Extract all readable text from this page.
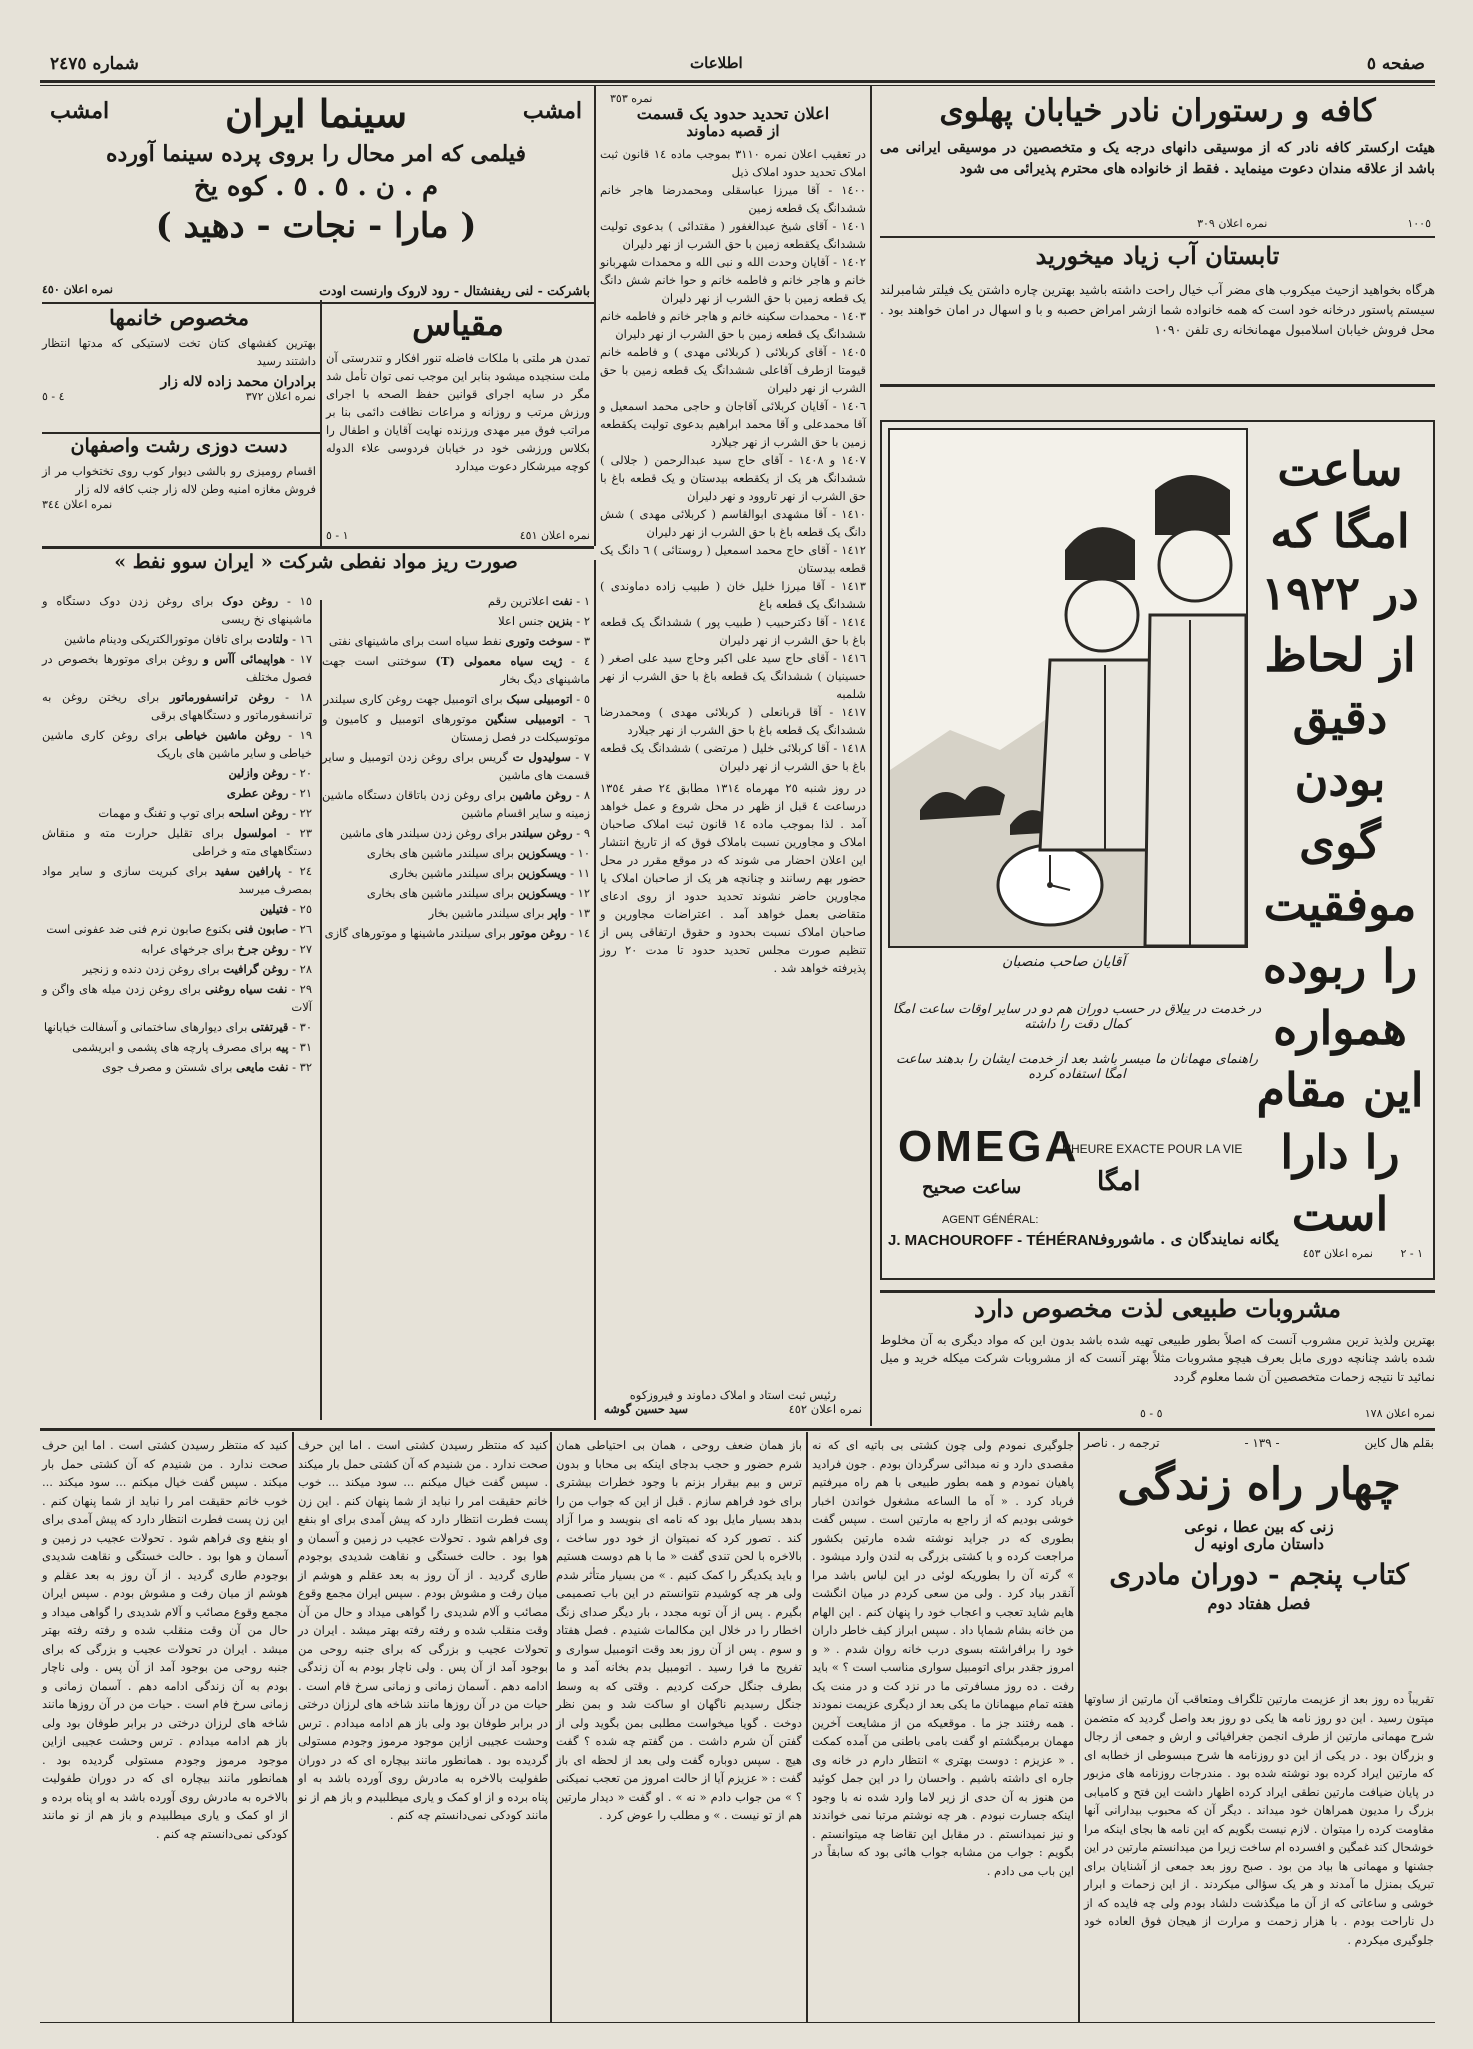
صفحه ٥
اطلاعات
شماره ٢٤٧٥
کافه و رستوران نادر خیابان پهلوی
هیئت ارکستر کافه نادر که از موسیقی دانهای درجه یک و متخصصین در موسیقی ایرانی می باشد از علاقه مندان دعوت مینماید . فقط از خانواده های محترم پذیرائی می شود
نمره اعلان ٣٠٩	١٠٠٥
تابستان آب زیاد میخورید
هرگاه بخواهید ازحیث میکروب های مضر آب خیال راحت داشته باشید بهترین چاره داشتن یک فیلتر شامبرلند سیستم پاستور درخانه خود است که همه خانواده شما ازشر امراض حصبه و با و اسهال در امان خواهند بود . محل فروش خیابان اسلامبول مهمانخانه ری تلفن ١٠٩٠
آقایان صاحب منصبان
ساعت امگا که در ١٩٢٢ از لحاظ دقیق بودن گوی موفقیت را ربوده همواره این مقام را دارا است
در خدمت در ییلاق در حسب دوران هم دو در سایر اوقات ساعت امگا کمال دقت را داشته
راهنمای مهمانان ما میسر باشد بعد از خدمت ایشان را بدهند ساعت امگا استفاده کرده
OMEGA
L'HEURE EXACTE POUR LA VIE
امگا
ساعت صحیح
AGENT GÉNÉRAL:
J. MACHOUROFF - TÉHÉRAN
یگانه نمایندگان ی . ماشوروف
نمره اعلان ٤٥٣ ١ - ٢
مشروبات طبیعی لذت مخصوص دارد
بهترین ولذیذ ترین مشروب آنست که اصلاً بطور طبیعی تهیه شده باشد بدون این که مواد دیگری به آن مخلوط شده باشد چنانچه دوری مابل بعرف هیچو مشروبات مثلاً بهتر آنست که از مشروبات شرکت میکله خرید و میل نمائید تا نتیجه زحمات متخصصین آن شما معلوم گردد
نمره اعلان ١٧٨
٥ - ٥
نمره ٣٥٣
اعلان تحدید حدود یک قسمت
از قصبه دماوند
در تعقیب اعلان نمره ٣١١٠ بموجب ماده ١٤ قانون ثبت املاک تحدید حدود املاک ذیل
١٤٠٠ - آقا میرزا عباسقلی ومحمدرضا هاجر خانم ششدانگ یک قطعه زمین
١٤٠١ - آقای شیخ عبدالغفور ( مقتدائی ) بدعوی تولیت ششدانگ یکقطعه زمین با حق الشرب از نهر دلیران
١٤٠٢ - آقایان وحدت الله و نبی الله و محمدات شهربانو خانم و هاجر خانم و فاطمه خانم و حوا خانم شش دانگ یک قطعه زمین با حق الشرب از نهر دلیران
١٤٠٣ - محمدات سکینه خانم و هاجر خانم و فاطمه خانم ششدانگ یک قطعه زمین با حق الشرب از نهر دلیران
١٤٠٥ - آقای کربلائی ( کربلائی مهدی ) و فاطمه خانم قیومتا ازطرف آقاعلی ششدانگ یک قطعه زمین با حق الشرب از نهر دلیران
١٤٠٦ - آقایان کربلائی آقاجان و حاجی محمد اسمعیل و آقا محمدعلی و آقا محمد ابراهیم بدعوی تولیت یکقطعه زمین با حق الشرب از نهر جیلارد
١٤٠٧ و ١٤٠٨ - آقای حاج سید عبدالرحمن ( جلالی ) ششدانگ هر یک از یکقطعه بیدستان و یک قطعه باغ با حق الشرب از نهر تاروود و نهر دلیران
١٤١٠ - آقا مشهدی ابوالقاسم ( کربلائی مهدی ) شش دانگ یک قطعه باغ با حق الشرب از نهر دلیران
١٤١٢ - آقای حاج محمد اسمعیل ( روستائی ) ٦ دانگ یک قطعه بیدستان
١٤١٣ - آقا میرزا خلیل خان ( طبیب زاده دماوندی ) ششدانگ یک قطعه باغ
١٤١٤ - آقا دکترحبیب ( طبیب پور ) ششدانگ یک قطعه باغ با حق الشرب از نهر دلیران
١٤١٦ - آقای حاج سید علی اکبر وحاج سید علی اصغر ( حسینیان ) ششدانگ یک قطعه باغ با حق الشرب از نهر شلمبه
١٤١٧ - آقا قربانعلی ( کربلائی مهدی ) ومحمدرضا ششدانگ یک قطعه باغ با حق الشرب از نهر جیلارد
١٤١٨ - آقا کربلائی خلیل ( مرتضی ) ششدانگ یک قطعه باغ با حق الشرب از نهر دلیران
در روز شنبه ٢٥ مهرماه ١٣١٤ مطابق ٢٤ صفر ١٣٥٤ درساعت ٤ قبل از ظهر در محل شروع و عمل خواهد آمد . لذا بموجب ماده ١٤ قانون ثبت املاک صاحبان املاک و مجاورین نسبت باملاک فوق که از تاریخ انتشار این اعلان احضار می شوند که در موقع مقرر در محل حضور بهم رسانند و چنانچه هر یک از صاحبان املاک یا مجاورین حاضر نشوند تحدید حدود از روی ادعای متقاضی بعمل خواهد آمد . اعتراضات مجاورین و صاحبان املاک نسبت بحدود و حقوق ارتفاقی پس از تنظیم صورت مجلس تحدید حدود تا مدت ٢٠ روز پذیرفته خواهد شد .
رئیس ثبت استاد و املاک دماوند و فیروزکوه
نمره اعلان ٤٥٢
سید حسین گوشه
امشب
امشب	سینما ایران
فیلمی که امر محال را بروی پرده سینما آورده
م . ن . ٥ . ٥ . کوه یخ
( مارا - نجات - دهید )
باشرکت - لنی ریفنشتال - رود لاروک وارنست اودت
نمره اعلان ٤٥٠
مخصوص خانمها
بهترین کفشهای کتان تخت لاستیکی که مدتها انتظار داشتند رسید
برادران محمد زاده لاله زار
نمره اعلان ٣٧٢
٤ - ٥
دست دوزی رشت واصفهان
اقسام رومیزی رو بالشی دیوار کوب روی تختخواب مر از فروش مغازه امنیه وطن لاله زار جنب کافه لاله زار
نمره اعلان ٣٤٤
مقیاس
تمدن هر ملتی با ملکات فاضله تنور افکار و تندرستی آن ملت سنجیده میشود بنابر این موجب نمی توان تأمل شد مگر در سایه اجرای قوانین حفظ الصحه با اجرای ورزش مرتب و روزانه و مراعات نظافت دائمی بنا بر مراتب فوق میر مهدی ورزنده نهایت آقایان و اطفال را بکلاس ورزشی خود در خیابان فردوسی علاء الدوله کوچه میرشکار دعوت میدارد
نمره اعلان ٤٥١
١ - ٥
صورت ریز مواد نفطی شرکت « ایران سوو نفط »
١ - نفت اعلاترین رقم
٢ - بنزین جنس اعلا
٣ - سوخت وتوری نفط سیاه است برای ماشینهای نفتی
٤ - ژیت سیاه معمولی (T) سوختنی است جهت ماشینهای دیگ بخار
٥ - اتومبیلی سبک برای اتومبیل جهت روغن کاری سیلندر
٦ - اتومبیلی سنگین موتورهای اتومبیل و کامیون و موتوسیکلت در فصل زمستان
٧ - سولیدول ت گریس برای روغن زدن اتومبیل و سایر قسمت های ماشین
٨ - روغن ماشین برای روغن زدن باتاقان دستگاه ماشین زمینه و سایر اقسام ماشین
٩ - روغن سیلندر برای روغن زدن سیلندر های ماشین
١٠ - ویسکوزین برای سیلندر ماشین های بخاری
١١ - ویسکوزین برای سیلندر ماشین بخاری
١٢ - ویسکوزین برای سیلندر ماشین های بخاری
١٣ - واپر برای سیلندر ماشین بخار
١٤ - روغن موتور برای سیلندر ماشینها و موتورهای گازی
١٥ - روغن دوک برای روغن زدن دوک دستگاه و ماشینهای نخ ریسی
١٦ - ولتادت برای تافان موتورالکتریکی ودینام ماشین
١٧ - هواپیمائی آآس و روغن برای موتورها بخصوص در فصول مختلف
١٨ - روغن ترانسفورماتور برای ریختن روغن به ترانسفورماتور و دستگاههای برقی
١٩ - روغن ماشین خیاطی برای روغن کاری ماشین خیاطی و سایر ماشین های باریک
٢٠ - روغن وازلین
٢١ - روغن عطری
٢٢ - روغن اسلحه برای توپ و تفنگ و مهمات
٢٣ - امولسول برای تقلیل حرارت مته و منقاش دستگاههای مته و خراطی
٢٤ - پارافین سفید برای کبریت سازی و سایر مواد بمصرف میرسد
٢٥ - فتیلین
٢٦ - صابون فنی بکنوع صابون نرم فنی ضد عفونی است
٢٧ - روغن جرخ برای جرخهای عرابه
٢٨ - روغن گرافیت برای روغن زدن دنده و زنجیر
٢٩ - نفت سیاه روغنی برای روغن زدن میله های واگن و آلات
٣٠ - قیرتفتی برای دیوارهای ساختمانی و آسفالت خیابانها
٣١ - پیه برای مصرف پارچه های پشمی و ابریشمی
٣٢ - نفت مایعی برای شستن و مصرف جوی
بقلم هال کاین
- ١٣٩ -
ترجمه ر . ناصر
چهار راه زندگی
زنی که بین عطا ، نوعی
داستان ماری اونیه ل
کتاب پنجم - دوران مادری
فصل هفتاد دوم
تقریباً ده روز بعد از عزیمت مارتین تلگراف ومتعاقب آن مارتین از ساوتها مپتون رسید . این دو روز نامه ها یکی دو روز بعد واصل گردید که متضمن شرح مهمانی مارتین از طرف انجمن جغرافیائی و ارش و جمعی از رجال و بزرگان بود . در یکی از این دو روزنامه ها شرح مبسوطی از خطابه ای که مارتین ایراد کرده بود نوشته شده بود . مندرجات روزنامه های مزبور در پایان ضیافت مارتین نطقی ایراد کرده اظهار داشت این فتح و کامیابی بزرگ را مدیون همراهان خود میداند . دیگر آن که محبوب بیدارانی آنها مقاومت کرده را میتوان . لازم نیست بگویم که این نامه ها بجای اینکه مرا خوشحال کند غمگین و افسرده ام ساخت زیرا من میدانستم مارتین در این جشنها و مهمانی ها بیاد من بود . صبح روز بعد جمعی از آشنایان برای تبریک بمنزل ما آمدند و هر یک سؤالی میکردند . از این زحمات و ابرار خوشی و ساعاتی که از آن ما میگذشت دلشاد بودم ولی چه فایده که از دل ناراحت بودم . با هزار زحمت و مرارت از هیجان فوق العاده خود جلوگیری میکردم .
جلوگیری نمودم ولی چون کشتی بی باتیه ای که نه مقصدی دارد و نه مبدائی سرگردان بودم . جون فرادید پاهیان نمودم و همه بطور طبیعی با هم راه میرفتیم فرباد کرد . « آه ما الساعه مشغول خواندن اخبار خوشی بودیم که از راجع به مارتین است . سپس گفت بطوری که در جراید نوشته شده مارتین بکشور مراجعت کرده و با کشتی بزرگی به لندن وارد میشود . » گرته آن را بطوریکه لوئی در این لباس باشد مرا آنقدر بیاد کرد . ولی من سعی کردم در میان انگشت هایم شاید تعجب و اعجاب خود را پنهان کنم . این الهام من خانه بشام شماپا داد . سپس ابراز کیف خاطر داران خود را برافراشته بسوی درب خانه روان شدم . « و امروز جقدر برای اتومبیل سواری مناسب است ؟ » باید رفت . ده روز مسافرتی ما در نزد کت و در منت یک هفته تمام میهمانان ما یکی بعد از دیگری عزیمت نمودند . همه رفتند جز ما . موقعیکه من از مشایعت آخرین مهمان برمیگشتم او گفت بامی باطنی من آمده کمکت . « عزیزم : دوست بهتری » انتظار دارم در خانه وی جاره ای داشته باشیم . واحسان را در این جمل کوئید من هنوز به آن حدی از زیر لاما وارد شده نه با وجود اینکه جسارت نبودم . هر چه نوشتم مرتبا نمی خواندند و نیز نمیدانستم . در مقابل این تقاضا چه میتوانستم . بگویم : جواب من مشابه جواب هائی بود که سابقاً در این باب می دادم .
باز همان ضعف روحی ، همان بی احتیاطی همان شرم حضور و حجب بدجای اینکه بی محابا و بدون ترس و بیم بیقرار بزنم با وجود خطرات بیشتری برای خود فراهم سازم . قبل از این که جواب من را بدهد بسیار مایل بود که نامه ای بنویسد و مرا آزاد کند . تصور کرد که نمیتوان از خود دور ساخت ، بالاخره با لحن تندی گفت « ما با هم دوست هستیم و باید یکدیگر را کمک کنیم . » من بسیار متأثر شدم ولی هر چه کوشیدم نتوانستم در این باب تصمیمی بگیرم . پس از آن توبه مجدد ، بار دیگر صدای زنگ اخطار را در خلال این مکالمات شنیدم . فصل هفتاد و سوم . پس از آن روز بعد وقت اتومبیل سواری و تفریح ما فرا رسید . اتومبیل بدم بخانه آمد و ما بطرف جنگل حرکت کردیم . وقتی که به وسط جنگل رسیدیم ناگهان او ساکت شد و بمن نظر دوخت . گویا میخواست مطلبی بمن بگوید ولی از گفتن آن شرم داشت . من گفتم چه شده ؟ گفت هیچ . سپس دوباره گفت ولی بعد از لحظه ای باز گفت : « عزیزم آیا از حالت امروز من تعجب نمیکنی ؟ » من جواب دادم « نه » . او گفت « دیدار مارتین هم از تو نیست . » و مطلب را عوض کرد .
کنید که منتظر رسیدن کشتی است . اما این حرف صحت ندارد . من شنیدم که آن کشتی حمل بار میکند . سپس گفت خیال میکنم ... سود میکند ... خوب خانم حقیقت امر را نباید از شما پنهان کنم . این زن پست فطرت انتظار دارد که پیش آمدی برای او بنفع وی فراهم شود . تحولات عجیب در زمین و آسمان و هوا بود . حالت خستگی و نقاهت شدیدی بوجودم طاری گردید . از آن روز به بعد عقلم و هوشم از میان رفت و مشوش بودم . سپس ایران مجمع وقوع مصائب و آلام شدیدی را گواهی میداد و حال من آن وقت منقلب شده و رفته رفته بهتر میشد . ایران در تحولات عجیب و بزرگی که برای جنبه روحی من بوجود آمد از آن پس . ولی ناچار بودم به آن زندگی ادامه دهم . آسمان زمانی و زمانی سرخ فام است . حیات من در آن روزها مانند شاخه های لرزان درختی در برابر طوفان بود ولی باز هم ادامه میدادم . ترس وحشت عجیبی ازاین موجود مرموز وجودم مستولی گردیده بود . همانطور مانند بیچاره ای که در دوران طفولیت بالاخره به مادرش روی آورده باشد به او پناه برده و از او کمک و یاری میطلبیدم و باز هم از نو مانند کودکی نمی‌دانستم چه کنم .
کنید که منتظر رسیدن کشتی است . اما این حرف صحت ندارد . من شنیدم که آن کشتی حمل بار میکند . سپس گفت خیال میکنم ... سود میکند ... خوب خانم حقیقت امر را نباید از شما پنهان کنم . این زن پست فطرت انتظار دارد که پیش آمدی برای او بنفع وی فراهم شود . تحولات عجیب در زمین و آسمان و هوا بود . حالت خستگی و نقاهت شدیدی بوجودم طاری گردید . از آن روز به بعد عقلم و هوشم از میان رفت و مشوش بودم . سپس ایران مجمع وقوع مصائب و آلام شدیدی را گواهی میداد و حال من آن وقت منقلب شده و رفته رفته بهتر میشد . ایران در تحولات عجیب و بزرگی که برای جنبه روحی من بوجود آمد از آن پس . ولی ناچار بودم به آن زندگی ادامه دهم . آسمان زمانی و زمانی سرخ فام است . حیات من در آن روزها مانند شاخه های لرزان درختی در برابر طوفان بود ولی باز هم ادامه میدادم . ترس وحشت عجیبی ازاین موجود مرموز وجودم مستولی گردیده بود . همانطور مانند بیچاره ای که در دوران طفولیت بالاخره به مادرش روی آورده باشد به او پناه برده و از او کمک و یاری میطلبیدم و باز هم از نو مانند کودکی نمی‌دانستم چه کنم .
